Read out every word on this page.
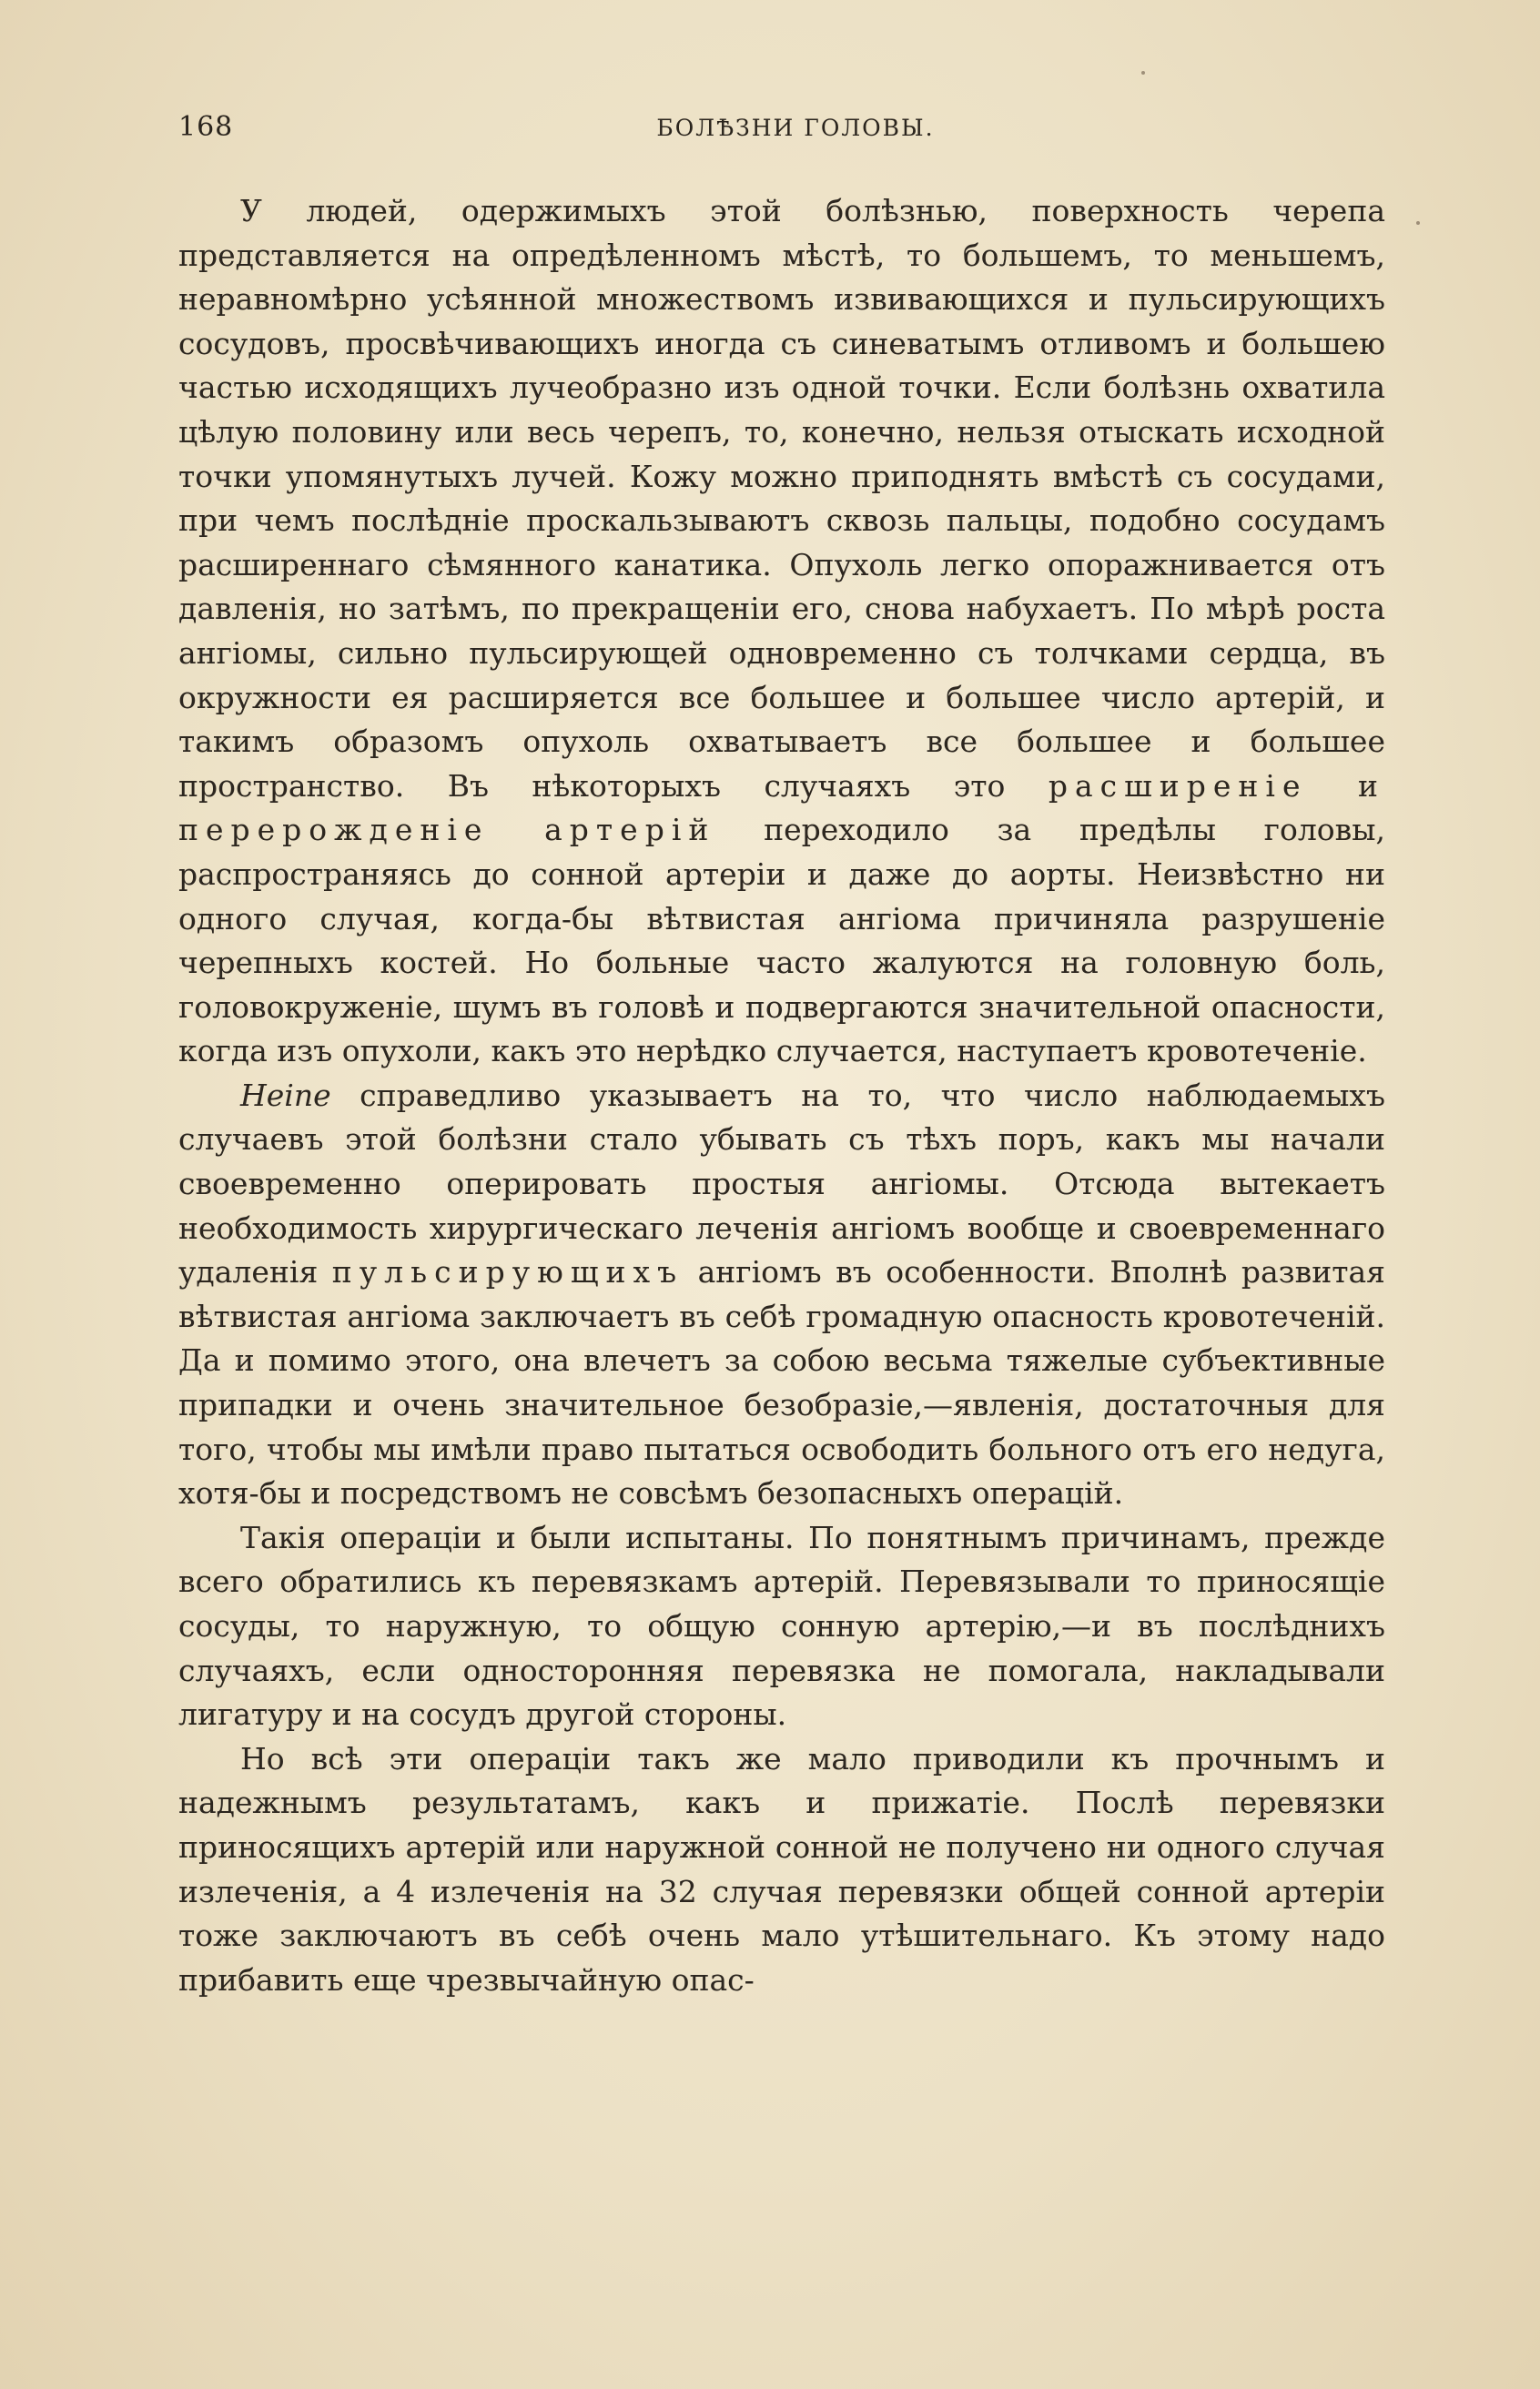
168	БОЛѢЗНИ ГОЛОВЫ.

У людей, одержимыхъ этой болѣзнью, поверхность черепа представляется на опредѣленномъ мѣстѣ, то большемъ, то меньшемъ, неравномѣрно усѣянной множествомъ извивающихся и пульсирующихъ сосудовъ, просвѣчивающихъ иногда съ синеватымъ отливомъ и большею частью исходящихъ лучеобразно изъ одной точки. Если болѣзнь охватила цѣлую половину или весь черепъ, то, конечно, нельзя отыскать исходной точки упомянутыхъ лучей. Кожу можно приподнять вмѣстѣ съ сосудами, при чемъ послѣдніе проскальзываютъ сквозь пальцы, подобно сосудамъ расширеннаго сѣмянного канатика. Опухоль легко опоражнивается отъ давленія, но затѣмъ, по прекращеніи его, снова набухаетъ. По мѣрѣ роста ангіомы, сильно пульсирующей одновременно съ толчками сердца, въ окружности ея расширяется все большее и большее число артерій, и такимъ образомъ опухоль охватываетъ все большее и большее пространство. Въ нѣкоторыхъ случаяхъ это расширеніе и перерожденіе артерій переходило за предѣлы головы, распространяясь до сонной артеріи и даже до аорты. Неизвѣстно ни одного случая, когда-бы вѣтвистая ангіома причиняла разрушеніе черепныхъ костей. Но больные часто жалуются на головную боль, головокруженіе, шумъ въ головѣ и подвергаются значительной опасности, когда изъ опухоли, какъ это нерѣдко случается, наступаетъ кровотеченіе.

Heine справедливо указываетъ на то, что число наблюдаемыхъ случаевъ этой болѣзни стало убывать съ тѣхъ поръ, какъ мы начали своевременно оперировать простыя ангіомы. Отсюда вытекаетъ необходимость хирургическаго леченія ангіомъ вообще и своевременнаго удаленія пульсирующихъ ангіомъ въ особенности. Вполнѣ развитая вѣтвистая ангіома заключаетъ въ себѣ громадную опасность кровотеченій. Да и помимо этого, она влечетъ за собою весьма тяжелые субъективные припадки и очень значительное безобразіе,—явленія, достаточныя для того, чтобы мы имѣли право пытаться освободить больного отъ его недуга, хотя-бы и посредствомъ не совсѣмъ безопасныхъ операцій.

Такія операціи и были испытаны. По понятнымъ причинамъ, прежде всего обратились къ перевязкамъ артерій. Перевязывали то приносящіе сосуды, то наружную, то общую сонную артерію,—и въ послѣднихъ случаяхъ, если односторонняя перевязка не помогала, накладывали лигатуру и на сосудъ другой стороны.

Но всѣ эти операціи такъ же мало приводили къ прочнымъ и надежнымъ результатамъ, какъ и прижатіе. Послѣ перевязки приносящихъ артерій или наружной сонной не получено ни одного случая излеченія, а 4 излеченія на 32 случая перевязки общей сонной артеріи тоже заключаютъ въ себѣ очень мало утѣшительнаго. Къ этому надо прибавить еще чрезвычайную опас-
